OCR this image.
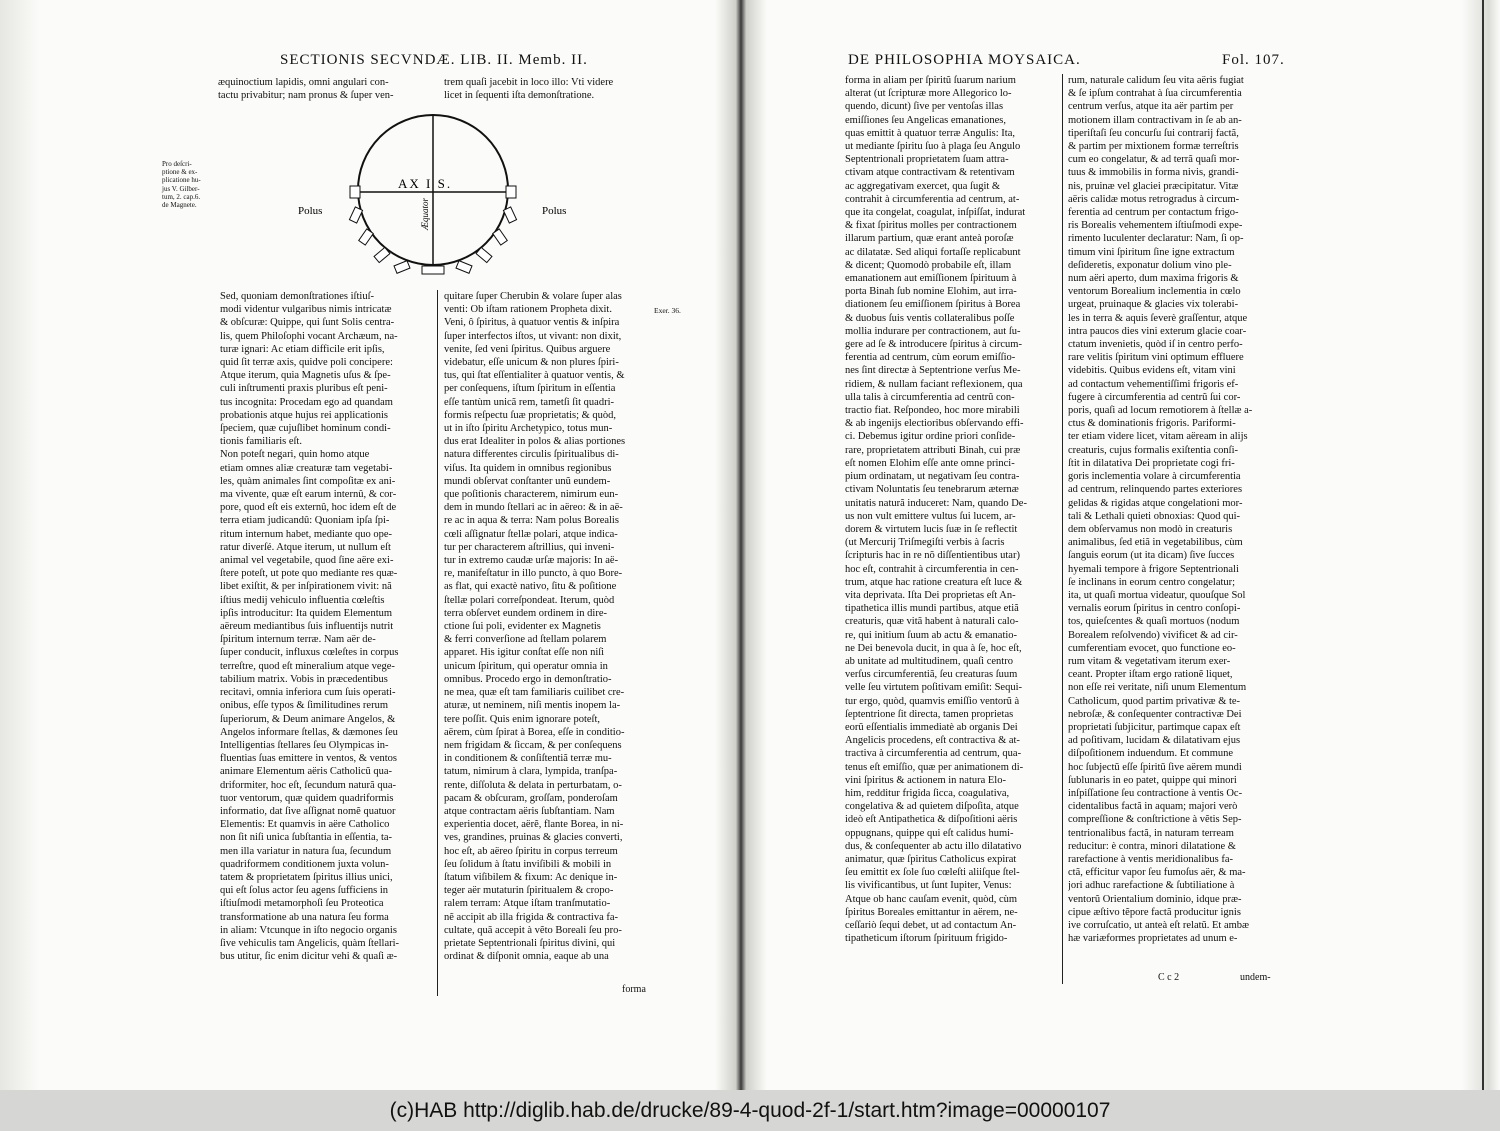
SECTIONIS SECVNDÆ. LIB. II. Memb. II.

æquinoctium lapidis, omni angulari con-
tactu privabitur; nam pronus & ſuper ven-

trem quaſi jacebit in loco illo: Vti videre
licet in ſequenti iſta demonſtratione.

Pro deſcri-
ptione & ex-
plicatione hu-
jus V. Gilber-
tum, 2. cap.6.
de Magnete.
Exer. 36.
AX I S.
Æquator
Polus	Polus

Sed, quoniam demonſtrationes iſtiuſ-
modi videntur vulgaribus nimis intricatæ
& obſcuræ: Quippe, qui ſunt Solis centra-
lis, quem Philoſophi vocant Archæum, na-
turæ ignari: Ac etiam difficile erit ipſis,
quid ſit terræ axis, quidve poli concipere:
Atque iterum, quia Magnetis uſus & ſpe-
culi inſtrumenti praxis pluribus eſt peni-
tus incognita: Procedam ego ad quandam
probationis atque hujus rei applicationis
ſpeciem, quæ cujuſlibet hominum condi-
tionis familiaris eſt.
Non poteſt negari, quin homo atque
etiam omnes aliæ creaturæ tam vegetabi-
les, quàm animales ſint compoſitæ ex ani-
ma vivente, quæ eſt earum internû, & cor-
pore, quod eſt eis externû, hoc idem eſt de
terra etiam judicandû: Quoniam ipſa ſpi-
ritum internum habet, mediante quo ope-
ratur diverſé. Atque iterum, ut nullum eſt
animal vel vegetabile, quod ſine aëre exi-
ſtere poteſt, ut pote quo mediante res quæ-
libet exiſtit, & per inſpirationem vivit: nã
iſtius medij vehiculo influentia cœleſtis
ipſis introducitur: Ita quidem Elementum
aëreum mediantibus ſuis influentijs nutrit
ſpiritum internum terræ. Nam aër de-
ſuper conducit, influxus cœleſtes in corpus
terreſtre, quod eſt mineralium atque vege-
tabilium matrix. Vobis in præcedentibus
recitavi, omnia inferiora cum ſuis operati-
onibus, eſſe typos & ſimilitudines rerum
ſuperiorum, & Deum animare Angelos, &
Angelos informare ſtellas, & dæmones ſeu
Intelligentias ſtellares ſeu Olympicas in-
fluentias ſuas emittere in ventos, & ventos
animare Elementum aëris Catholicũ qua-
driformiter, hoc eſt, ſecundum naturã qua-
tuor ventorum, quæ quidem quadriformis
informatio, dat ſive aſſignat nomẽ quatuor
Elementis: Et quamvis in aëre Catholico
non ſit niſi unica ſubſtantia in eſſentia, ta-
men illa variatur in natura ſua, ſecundum
quadriformem conditionem juxta volun-
tatem & proprietatem ſpiritus illius unici,
qui eſt ſolus actor ſeu agens ſufficiens in
iſtiuſmodi metamorphoſi ſeu Proteotica
transformatione ab una natura ſeu forma
in aliam: Vtcunque in iſto negocio organis
ſive vehiculis tam Angelicis, quàm ſtellari-
bus utitur, ſic enim dicitur vehi & quaſi æ-

quitare ſuper Cherubin & volare ſuper alas
venti: Ob iſtam rationem Propheta dixit.
Veni, ô ſpiritus, à quatuor ventis & inſpira
ſuper interfectos iſtos, ut vivant: non dixit,
venite, ſed veni ſpiritus. Quibus arguere
videbatur, eſſe unicum & non plures ſpiri-
tus, qui ſtat eſſentialiter à quatuor ventis, &
per conſequens, iſtum ſpiritum in eſſentia
eſſe tantùm unicã rem, tametſi ſit quadri-
formis reſpectu ſuæ proprietatis; & quòd,
ut in iſto ſpiritu Archetypico, totus mun-
dus erat Idealiter in polos & alias portiones
natura differentes circulis ſpiritualibus di-
viſus. Ita quidem in omnibus regionibus
mundi obſervat conſtanter unũ eundem-
que poſitionis characterem, nimirum eun-
dem in mundo ſtellari ac in aëreo: & in aë-
re ac in aqua & terra: Nam polus Borealis
cœli aſſignatur ſtellæ polari, atque indica-
tur per characterem aſtrillius, qui inveni-
tur in extremo caudæ urſæ majoris: In aë-
re, manifeſtatur in illo puncto, à quo Bore-
as flat, qui exactè nativo, ſitu & poſitione
ſtellæ polari correſpondeat. Iterum, quòd
terra obſervet eundem ordinem in dire-
ctione ſui poli, evidenter ex Magnetis
& ferri converſione ad ſtellam polarem
apparet. His igitur conſtat eſſe non niſi
unicum ſpiritum, qui operatur omnia in
omnibus. Procedo ergo in demonſtratio-
ne mea, quæ eſt tam familiaris cuilibet cre-
aturæ, ut neminem, niſi mentis inopem la-
tere poſſit. Quis enim ignorare poteſt,
aërem, cùm ſpirat à Borea, eſſe in conditio-
nem frigidam & ſiccam, & per conſequens
in conditionem & conſiſtentiã terræ mu-
tatum, nimirum à clara, lympida, tranſpa-
rente, diſſoluta & delata in perturbatam, o-
pacam & obſcuram, groſſam, ponderoſam
atque contractam aëris ſubſtantiam. Nam
experientia docet, aërẽ, flante Borea, in ni-
ves, grandines, pruinas & glacies converti,
hoc eſt, ab aëreo ſpiritu in corpus terreum
ſeu ſolidum à ſtatu inviſibili & mobili in
ſtatum viſibilem & fixum: Ac denique in-
teger aër mutaturin ſpiritualem & cropo-
ralem terram: Atque iſtam tranſmutatio-
nẽ accipit ab illa frigida & contractiva fa-
cultate, quã accepit à vẽto Boreali ſeu pro-
prietate Septentrionali ſpiritus divini, qui
ordinat & diſponit omnia, eaque ab una

forma
DE PHILOSOPHIA MOYSAICA.	Fol. 107.

forma in aliam per ſpiritũ ſuarum narium
alterat (ut ſcripturæ more Allegorico lo-
quendo, dicunt) ſive per ventoſas illas
emiſſiones ſeu Angelicas emanationes,
quas emittit à quatuor terræ Angulis: Ita,
ut mediante ſpiritu ſuo à plaga ſeu Angulo
Septentrionali proprietatem ſuam attra-
ctivam atque contractivam & retentivam
ac aggregativam exercet, qua ſugit &
contrahit à circumferentia ad centrum, at-
que ita congelat, coagulat, inſpiſſat, indurat
& fixat ſpiritus molles per contractionem
illarum partium, quæ erant anteà poroſæ
ac dilatatæ. Sed aliqui fortaſſe replicabunt
& dicent; Quomodò probabile eſt, illam
emanationem aut emiſſionem ſpirituum à
porta Binah ſub nomine Elohim, aut irra-
diationem ſeu emiſſionem ſpiritus à Borea
& duobus ſuis ventis collateralibus poſſe
mollia indurare per contractionem, aut ſu-
gere ad ſe & introducere ſpiritus à circum-
ferentia ad centrum, cùm eorum emiſſio-
nes ſint directæ à Septentrione verſus Me-
ridiem, & nullam faciant reflexionem, qua
ulla talis à circumferentia ad centrũ con-
tractio fiat. Reſpondeo, hoc more mirabili
& ab ingenijs electioribus obſervando effi-
ci. Debemus igitur ordine priori conſide-
rare, proprietatem attributi Binah, cui præ
eſt nomen Elohim eſſe ante omne princi-
pium ordinatam, ut negativam ſeu contra-
ctivam Noluntatis ſeu tenebrarum æternæ
unitatis naturã induceret: Nam, quando De-
us non vult emittere vultus ſui lucem, ar-
dorem & virtutem lucis ſuæ in ſe reflectit
(ut Mercurij Triſmegiſti verbis à ſacris
ſcripturis hac in re nõ diſſentientibus utar)
hoc eſt, contrahit à circumferentia in cen-
trum, atque hac ratione creatura eſt luce &
vita deprivata. Iſta Dei proprietas eſt An-
tipathetica illis mundi partibus, atque etiã
creaturis, quæ vitã habent à naturali calo-
re, qui initium ſuum ab actu & emanatio-
ne Dei benevola ducit, in qua à ſe, hoc eſt,
ab unitate ad multitudinem, quaſi centro
verſus circumferentiã, ſeu creaturas ſuum
velle ſeu virtutem poſitivam emiſit: Sequi-
tur ergo, quòd, quamvis emiſſio ventorũ à
ſeptentrione ſit directa, tamen proprietas
eorũ eſſentialis immediatè ab organis Dei
Angelicis procedens, eſt contractiva & at-
tractiva à circumferentia ad centrum, qua-
tenus eſt emiſſio, quæ per animationem di-
vini ſpiritus & actionem in natura Elo-
him, redditur frigida ſicca, coagulativa,
congelativa & ad quietem diſpoſita, atque
ideò eſt Antipathetica & diſpoſitioni aëris
oppugnans, quippe qui eſt calidus humi-
dus, & conſequenter ab actu illo dilatativo
animatur, quæ ſpiritus Catholicus expirat
ſeu emittit ex ſole ſuo cœleſti aliiſque ſtel-
lis vivificantibus, ut ſunt Iupiter, Venus:
Atque ob hanc cauſam evenit, quòd, cùm
ſpiritus Boreales emittantur in aërem, ne-
ceſſariò ſequi debet, ut ad contactum An-
tipatheticum iſtorum ſpirituum frigido-

rum, naturale calidum ſeu vita aëris fugiat
& ſe ipſum contrahat à ſua circumferentia
centrum verſus, atque ita aër partim per
motionem illam contractivam in ſe ab an-
tiperiſtaſi ſeu concurſu ſui contrarij factã,
& partim per mixtionem formæ terreſtris
cum eo congelatur, & ad terrã quaſi mor-
tuus & immobilis in forma nivis, grandi-
nis, pruinæ vel glaciei præcipitatur. Vitæ
aëris calidæ motus retrogradus à circum-
ferentia ad centrum per contactum frigo-
ris Borealis vehementem iſtiuſmodi expe-
rimento luculenter declaratur: Nam, ſi op-
timum vini ſpiritum ſine igne extractum
deſideretis, exponatur dolium vino ple-
num aëri aperto, dum maxima frigoris &
ventorum Borealium inclementia in cœlo
urgeat, pruinaque & glacies vix tolerabi-
les in terra & aquis ſeverè graſſentur, atque
intra paucos dies vini exterum glacie coar-
ctatum invenietis, quòd iſ in centro perfo-
rare velitis ſpiritum vini optimum effluere
videbitis. Quibus evidens eſt, vitam vini
ad contactum vehementiſſimi frigoris ef-
fugere à circumferentia ad centrũ ſui cor-
poris, quaſi ad locum remotiorem à ſtellæ a-
ctus & dominationis frigoris. Pariformi-
ter etiam videre licet, vitam aëream in alijs
creaturis, cujus formalis exiſtentia conſi-
ſtit in dilatativa Dei proprietate cogi fri-
goris inclementia volare à circumferentia
ad centrum, relinquendo partes exteriores
gelidas & rigidas atque congelationi mor-
tali & Lethali quieti obnoxias: Quod qui-
dem obſervamus non modò in creaturis
animalibus, ſed etiã in vegetabilibus, cùm
ſanguis eorum (ut ita dicam) ſive ſucces
hyemali tempore à frigore Septentrionali
ſe inclinans in eorum centro congelatur;
ita, ut quaſi mortua videatur, quouſque Sol
vernalis eorum ſpiritus in centro conſopi-
tos, quieſcentes & quaſi mortuos (nodum
Borealem reſolvendo) vivificet & ad cir-
cumferentiam evocet, quo functione eo-
rum vitam & vegetativam iterum exer-
ceant. Propter iſtam ergo rationẽ liquet,
non eſſe rei veritate, niſi unum Elementum
Catholicum, quod partim privativæ & te-
nebroſæ, & conſequenter contractivæ Dei
proprietati ſubjicitur, partimque capax eſt
ad poſitivam, lucidam & dilatativam ejus
diſpoſitionem induendum. Et commune
hoc ſubjectũ eſſe ſpiritũ ſive aërem mundi
ſublunaris in eo patet, quippe qui minori
inſpiſſatione ſeu contractione à ventis Oc-
cidentalibus factã in aquam; majori verò
compreſſione & conſtrictione à vẽtis Sep-
tentrionalibus factã, in naturam terream
reducitur: è contra, minori dilatatione &
rarefactione à ventis meridionalibus fa-
ctã, efficitur vapor ſeu fumoſus aër, & ma-
jori adhuc rarefactione & ſubtiliatione à
ventorũ Orientalium dominio, idque præ-
cipue æſtivo tẽpore factã producitur ignis
ive corruſcatio, ut anteà eſt relatũ. Et ambæ
hæ variæformes proprietates ad unum e-

C c 2	undem-
(c)HAB http://diglib.hab.de/drucke/89-4-quod-2f-1/start.htm?image=00000107
